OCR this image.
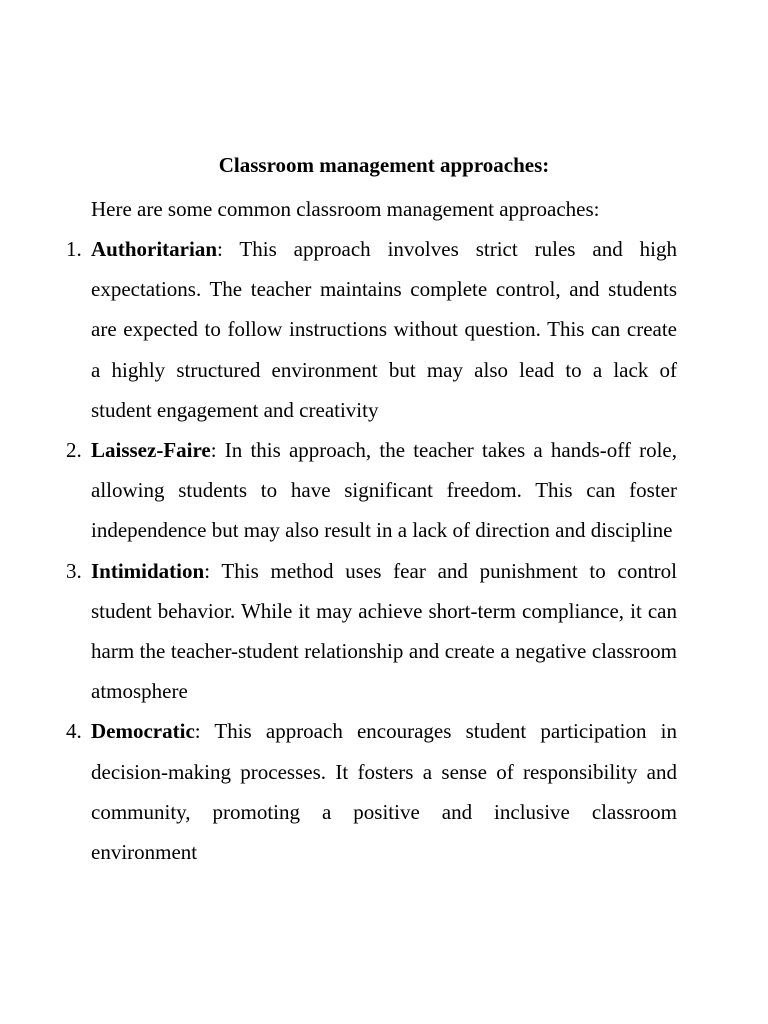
Classroom management approaches:

Here are some common classroom management approaches:

1. Authoritarian: This approach involves strict rules and high expectations. The teacher maintains complete control, and students are expected to follow instructions without question. This can create a highly structured environment but may also lead to a lack of student engagement and creativity
2. Laissez-Faire: In this approach, the teacher takes a hands-off role, allowing students to have significant freedom. This can foster independence but may also result in a lack of direction and discipline
3. Intimidation: This method uses fear and punishment to control student behavior. While it may achieve short-term compliance, it can harm the teacher-student relationship and create a negative classroom atmosphere
4. Democratic: This approach encourages student participation in decision-making processes. It fosters a sense of responsibility and community, promoting a positive and inclusive classroom environment
